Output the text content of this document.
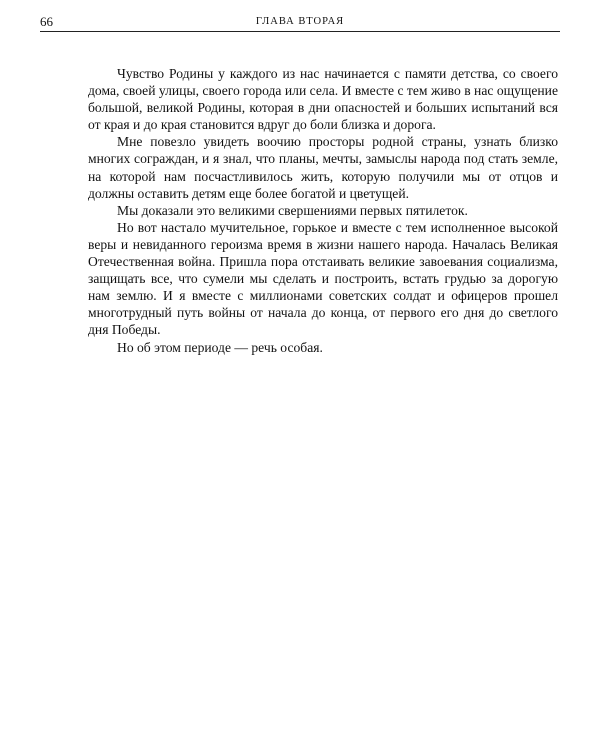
66	ГЛАВА ВТОРАЯ

Чувство Родины у каждого из нас начинается с памяти детства, со своего дома, своей улицы, своего города или села. И вместе с тем живо в нас ощущение большой, великой Родины, которая в дни опасностей и больших испытаний вся от края и до края становится вдруг до боли близка и дорога.

Мне повезло увидеть воочию просторы родной страны, узнать близко многих сограждан, и я знал, что планы, мечты, замыслы народа под стать земле, на которой нам посчастливилось жить, которую получили мы от отцов и должны оставить детям еще более богатой и цветущей.

Мы доказали это великими свершениями первых пятилеток.

Но вот настало мучительное, горькое и вместе с тем исполненное высокой веры и невиданного героизма время в жизни нашего народа. Началась Великая Отечественная война. Пришла пора отстаивать великие завоевания социализма, защищать все, что сумели мы сделать и построить, встать грудью за дорогую нам землю. И я вместе с миллионами советских солдат и офицеров прошел многотрудный путь войны от начала до конца, от первого его дня до светлого дня Победы.

Но об этом периоде — речь особая.
